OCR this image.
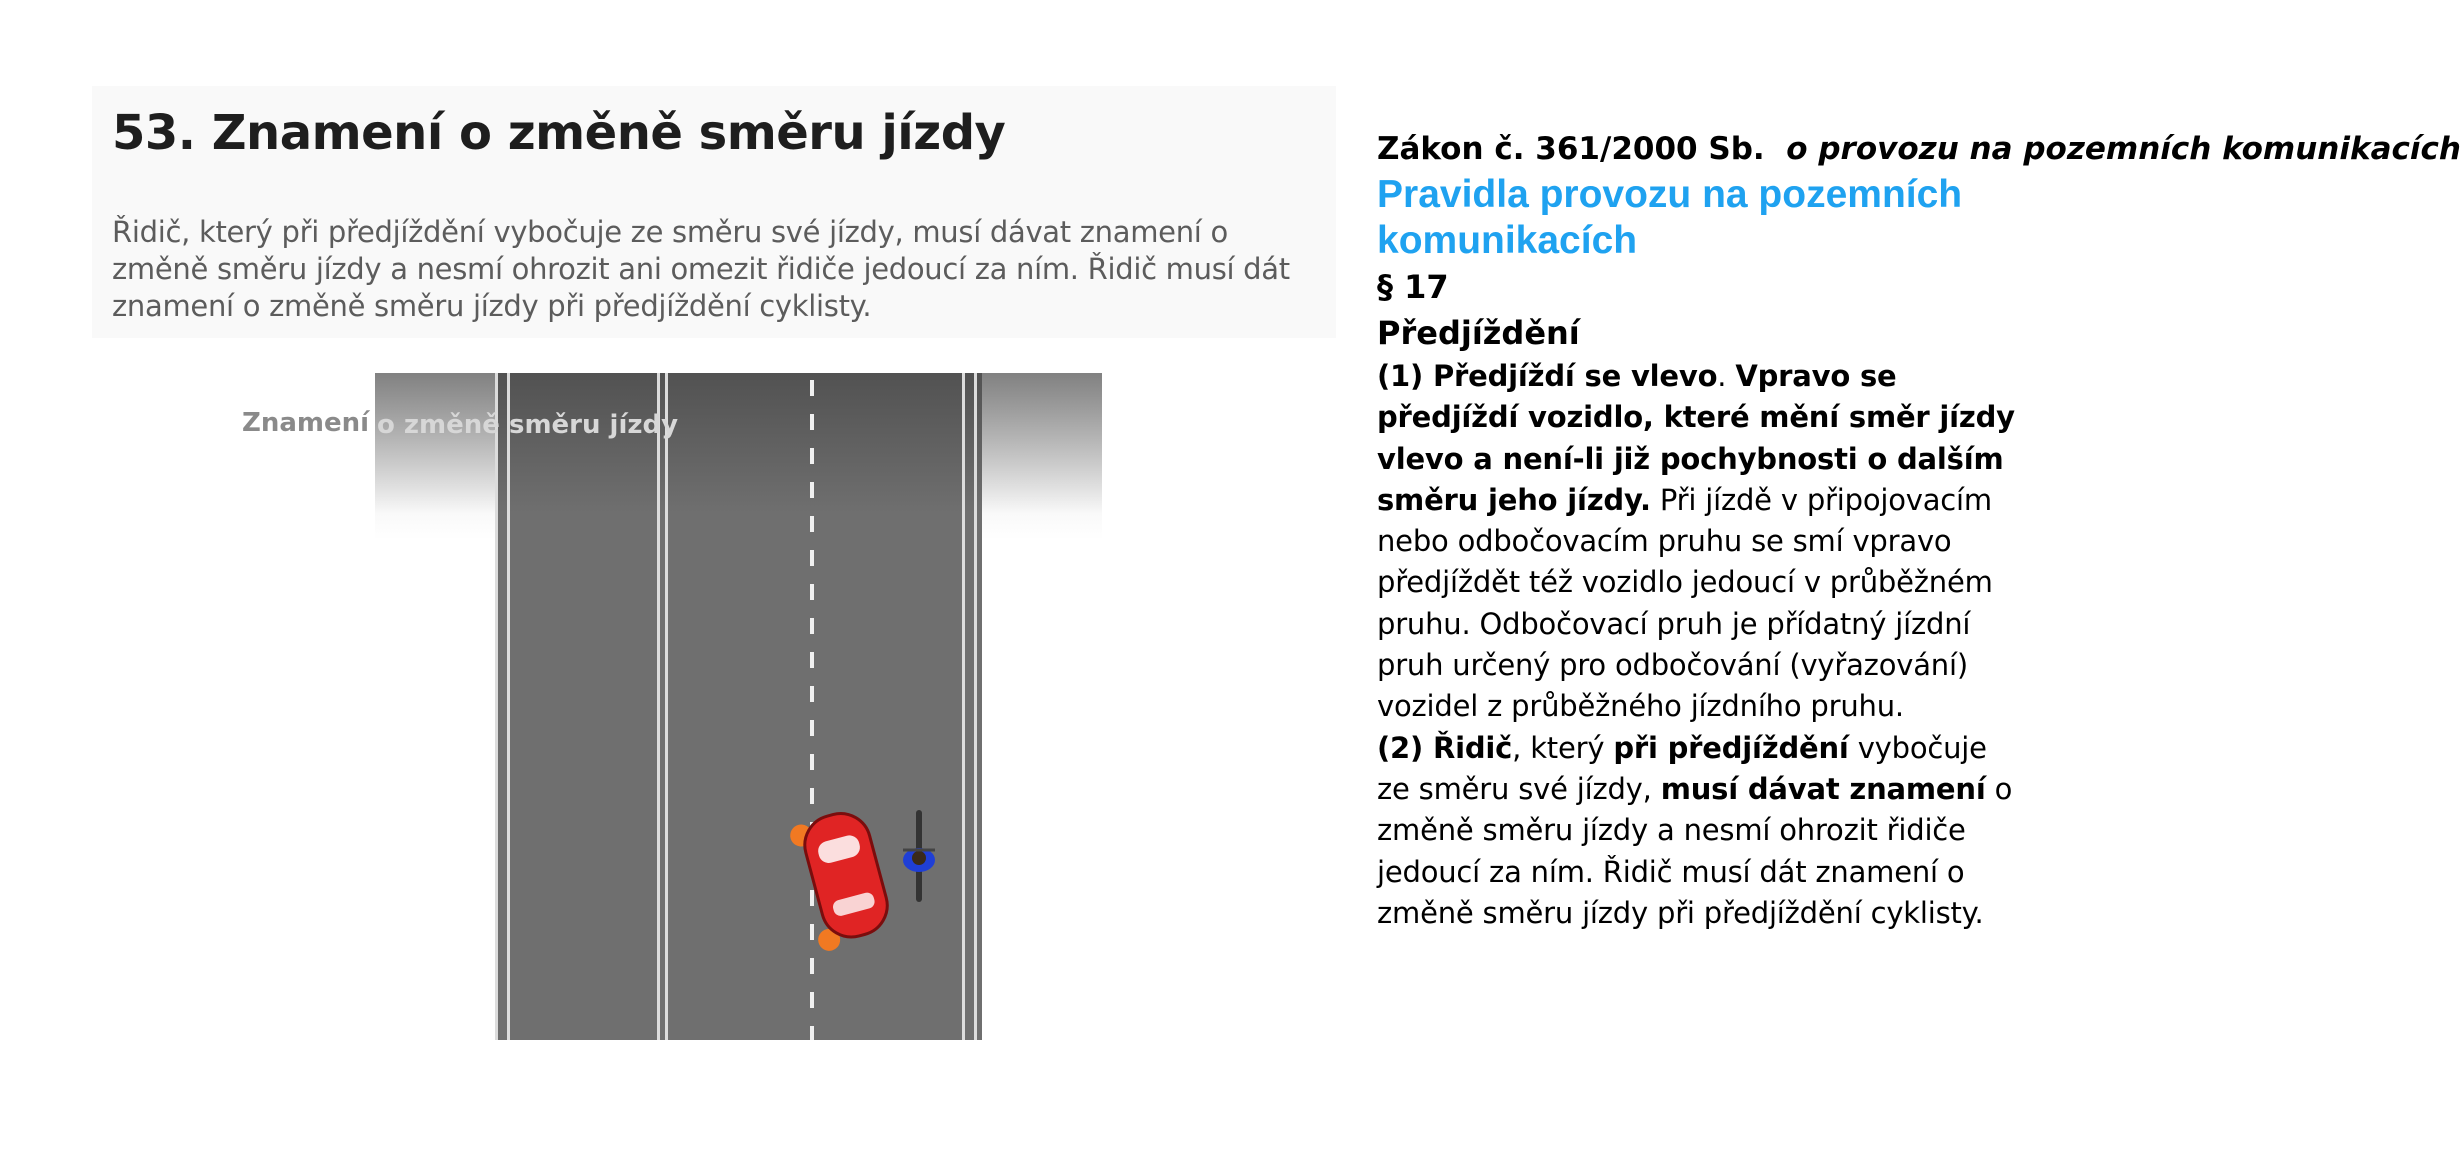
53. Znamení o změně směru jízdy

Řidič, který při předjíždění vybočuje ze směru své jízdy, musí dávat znamení o změně směru jízdy a nesmí ohrozit ani omezit řidiče jedoucí za ním. Řidič musí dát znamení o změně směru jízdy při předjíždění cyklisty.

Znamení o změně směru jízdy
Zákon č. 361/2000 Sb. o provozu na pozemních komunikacích
Pravidla provozu na pozemních komunikacích
§ 17
Předjíždění

(1) Předjíždí se vlevo. Vpravo se předjíždí vozidlo, které mění směr jízdy vlevo a není-li již pochybnosti o dalším směru jeho jízdy. Při jízdě v připojovacím nebo odbočovacím pruhu se smí vpravo předjíždět též vozidlo jedoucí v průběžném pruhu. Odbočovací pruh je přídatný jízdní pruh určený pro odbočování (vyřazování) vozidel z průběžného jízdního pruhu.

(2) Řidič, který při předjíždění vybočuje ze směru své jízdy, musí dávat znamení o změně směru jízdy a nesmí ohrozit řidiče jedoucí za ním. Řidič musí dát znamení o změně směru jízdy při předjíždění cyklisty.
